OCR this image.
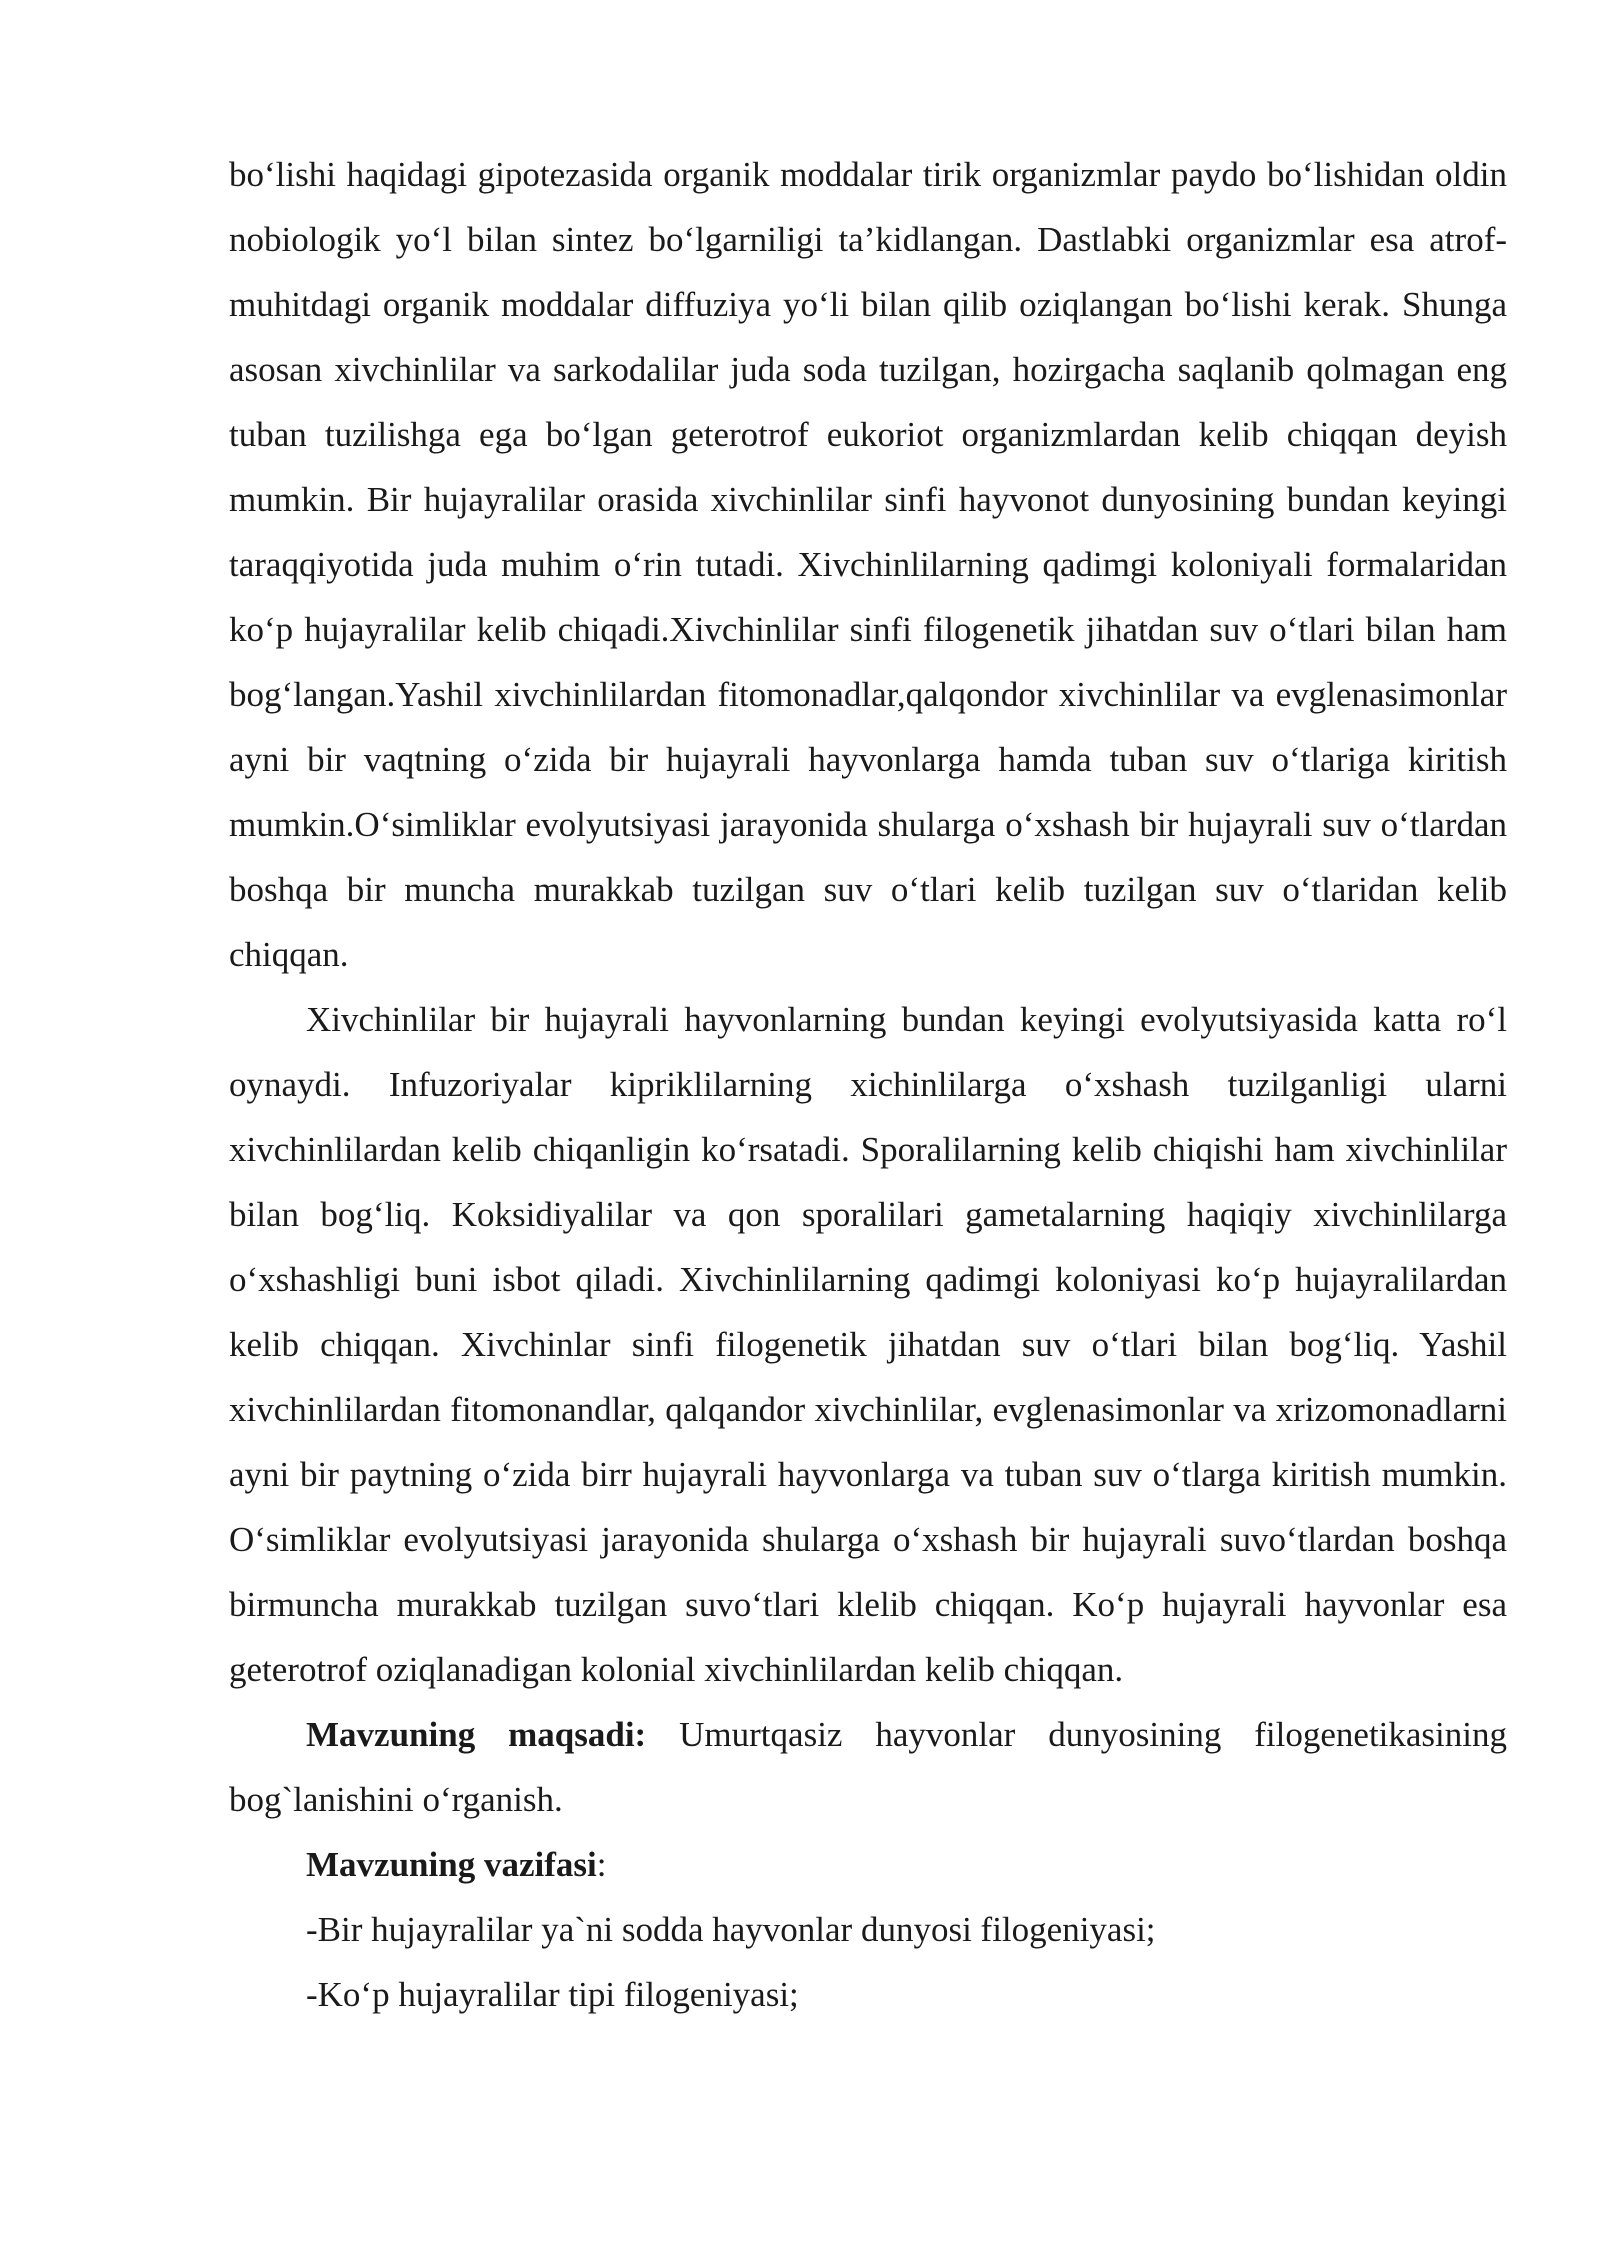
bo‘lishi haqidagi gipotezasida organik moddalar tirik organizmlar paydo bo‘lishidan oldin nobiologik yo‘l bilan sintez bo‘lgarniligi ta’kidlangan. Dastlabki organizmlar esa atrof-muhitdagi organik moddalar diffuziya yo‘li bilan qilib oziqlangan bo‘lishi kerak. Shunga asosan xivchinlilar va sarkodalilar juda soda tuzilgan, hozirgacha saqlanib qolmagan eng tuban tuzilishga ega bo‘lgan geterotrof eukoriot organizmlardan kelib chiqqan deyish mumkin. Bir hujayralilar orasida xivchinlilar sinfi hayvonot dunyosining bundan keyingi taraqqiyotida juda muhim o‘rin tutadi. Xivchinlilarning qadimgi koloniyali formalaridan ko‘p hujayralilar kelib chiqadi.Xivchinlilar sinfi filogenetik jihatdan suv o‘tlari bilan ham bog‘langan.Yashil xivchinlilardan fitomonadlar,qalqondor xivchinlilar va evglenasimonlar ayni bir vaqtning o‘zida bir hujayrali hayvonlarga hamda tuban suv o‘tlariga kiritish mumkin.O‘simliklar evolyutsiyasi jarayonida shularga o‘xshash bir hujayrali suv o‘tlardan boshqa bir muncha murakkab tuzilgan suv o‘tlari kelib tuzilgan suv o‘tlaridan kelib chiqqan.

Xivchinlilar bir hujayrali hayvonlarning bundan keyingi evolyutsiyasida katta ro‘l oynaydi. Infuzoriyalar kipriklilarning xichinlilarga o‘xshash tuzilganligi ularni xivchinlilardan kelib chiqanligin ko‘rsatadi. Sporalilarning kelib chiqishi ham xivchinlilar bilan bog‘liq. Koksidiyalilar va qon sporalilari gametalarning haqiqiy xivchinlilarga o‘xshashligi buni isbot qiladi. Xivchinlilarning qadimgi koloniyasi ko‘p hujayralilardan kelib chiqqan. Xivchinlar sinfi filogenetik jihatdan suv o‘tlari bilan bog‘liq. Yashil xivchinlilardan fitomonandlar, qalqandor xivchinlilar, evglenasimonlar va xrizomonadlarni ayni bir paytning o‘zida birr hujayrali hayvonlarga va tuban suv o‘tlarga kiritish mumkin. O‘simliklar evolyutsiyasi jarayonida shularga o‘xshash bir hujayrali suvo‘tlardan boshqa birmuncha murakkab tuzilgan suvo‘tlari klelib chiqqan. Ko‘p hujayrali hayvonlar esa geterotrof oziqlanadigan kolonial xivchinlilardan kelib chiqqan.

Mavzuning maqsadi: Umurtqasiz hayvonlar dunyosining filogenetikasining bog`lanishini o‘rganish.

Mavzuning vazifasi:

-Bir hujayralilar ya`ni sodda hayvonlar dunyosi filogeniyasi;

-Ko‘p hujayralilar tipi filogeniyasi;
